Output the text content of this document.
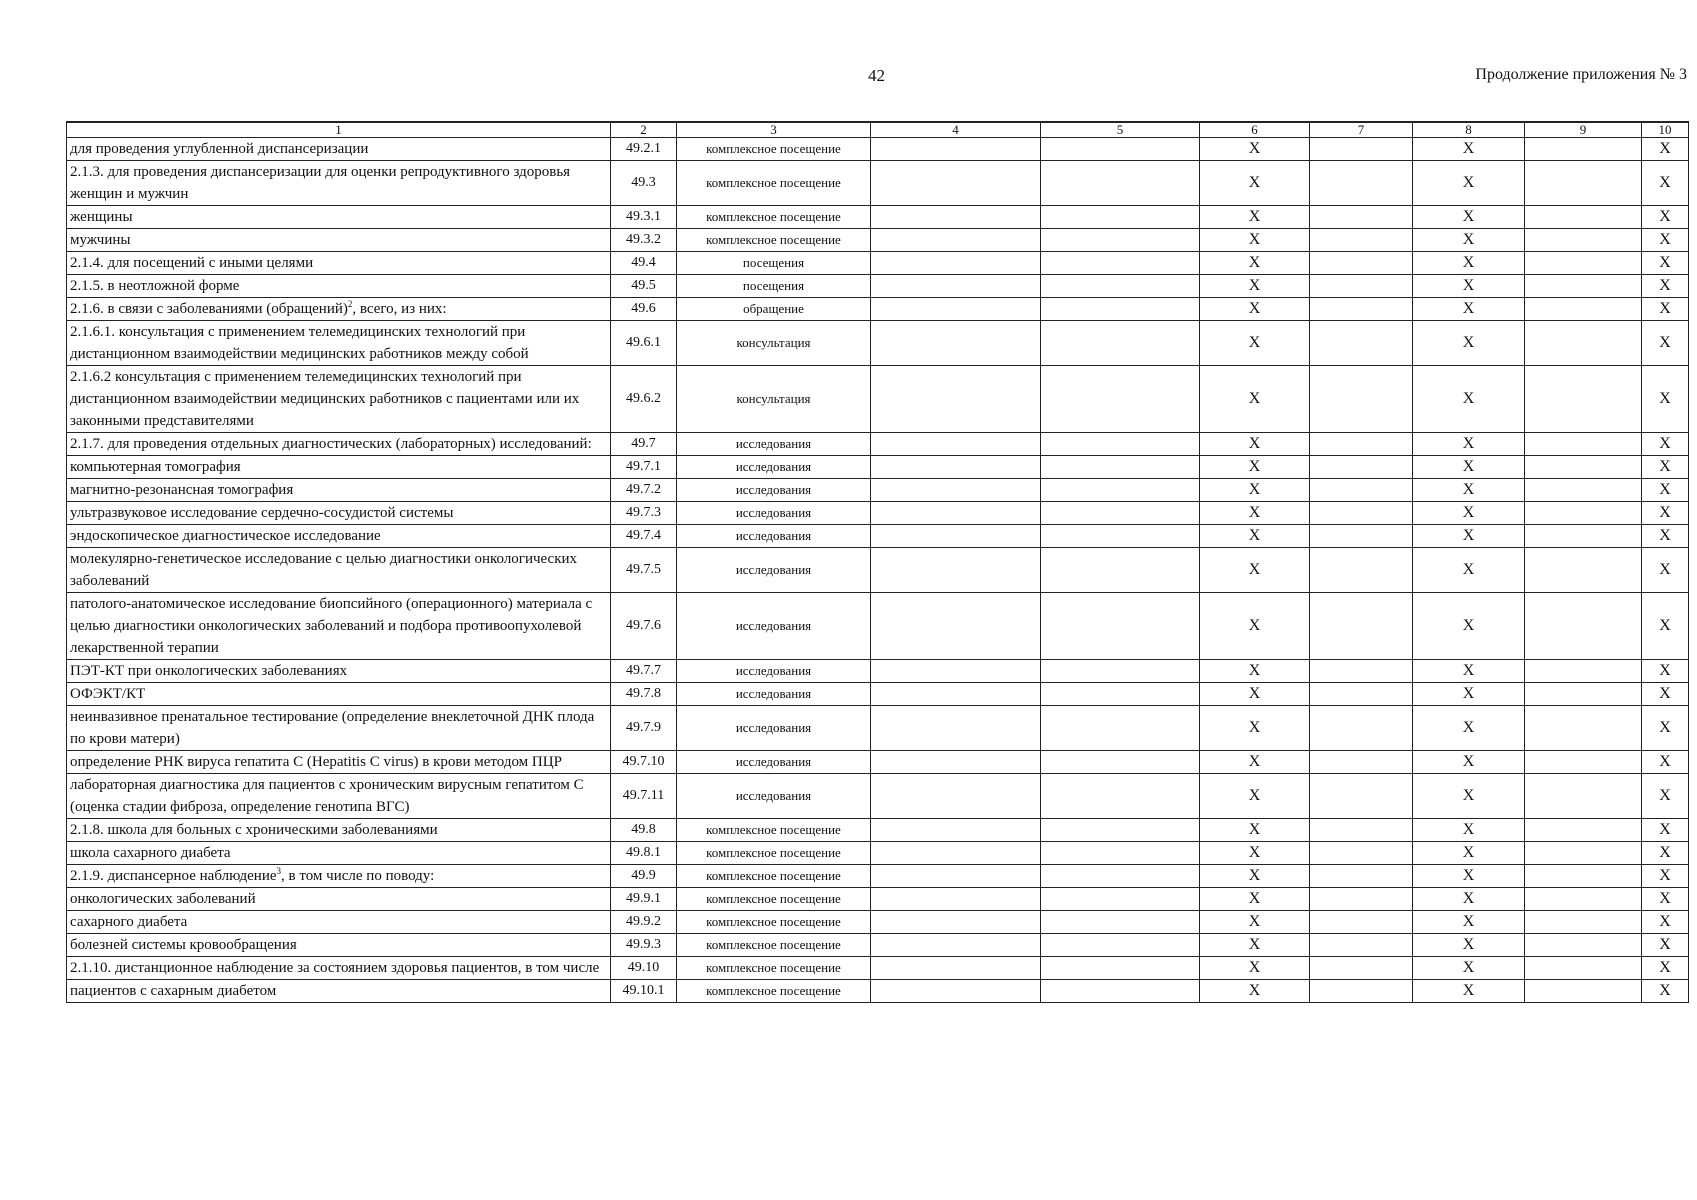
42	Продолжение приложения № 3
1	2	3	4	5	6	7	8	9	10
для проведения углубленной диспансеризации	49.2.1	комплексное посещение			X		X		X
2.1.3. для проведения диспансеризации для оценки репродуктивного здоровья женщин и мужчин	49.3	комплексное посещение			X		X		X
женщины	49.3.1	комплексное посещение			X		X		X
мужчины	49.3.2	комплексное посещение			X		X		X
2.1.4. для посещений с иными целями	49.4	посещения			X		X		X
2.1.5. в неотложной форме	49.5	посещения			X		X		X
2.1.6. в связи с заболеваниями (обращений)$^2$, всего, из них:	49.6	обращение			X		X		X
2.1.6.1. консультация с применением телемедицинских технологий при дистанционном взаимодействии медицинских работников между собой	49.6.1	консультация			X		X		X
2.1.6.2 консультация с применением телемедицинских технологий при дистанционном взаимодействии медицинских работников с пациентами или их законными представителями	49.6.2	консультация			X		X		X
2.1.7. для проведения отдельных диагностических (лабораторных) исследований:	49.7	исследования			X		X		X
компьютерная томография	49.7.1	исследования			X		X		X
магнитно-резонансная томография	49.7.2	исследования			X		X		X
ультразвуковое исследование сердечно-сосудистой системы	49.7.3	исследования			X		X		X
эндоскопическое диагностическое исследование	49.7.4	исследования			X		X		X
молекулярно-генетическое исследование с целью диагностики онкологических заболеваний	49.7.5	исследования			X		X		X
патолого-анатомическое исследование биопсийного (операционного) материала с целью диагностики онкологических заболеваний и подбора противоопухолевой лекарственной терапии	49.7.6	исследования			X		X		X
ПЭТ-КТ при онкологических заболеваниях	49.7.7	исследования			X		X		X
ОФЭКТ/КТ	49.7.8	исследования			X		X		X
неинвазивное пренатальное тестирование (определение внеклеточной ДНК плода по крови матери)	49.7.9	исследования			X		X		X
определение РНК вируса гепатита С (Hepatitis C virus) в крови методом ПЦР	49.7.10	исследования			X		X		X
лабораторная диагностика для пациентов с хроническим вирусным гепатитом С (оценка стадии фиброза, определение генотипа ВГС)	49.7.11	исследования			X		X		X
2.1.8. школа для больных с хроническими заболеваниями	49.8	комплексное посещение			X		X		X
школа сахарного диабета	49.8.1	комплексное посещение			X		X		X
2.1.9. диспансерное наблюдение$^3$, в том числе по поводу:	49.9	комплексное посещение			X		X		X
онкологических заболеваний	49.9.1	комплексное посещение			X		X		X
сахарного диабета	49.9.2	комплексное посещение			X		X		X
болезней системы кровообращения	49.9.3	комплексное посещение			X		X		X
2.1.10. дистанционное наблюдение за состоянием здоровья пациентов, в том числе	49.10	комплексное посещение			X		X		X
пациентов с сахарным диабетом	49.10.1	комплексное посещение			X		X		X
